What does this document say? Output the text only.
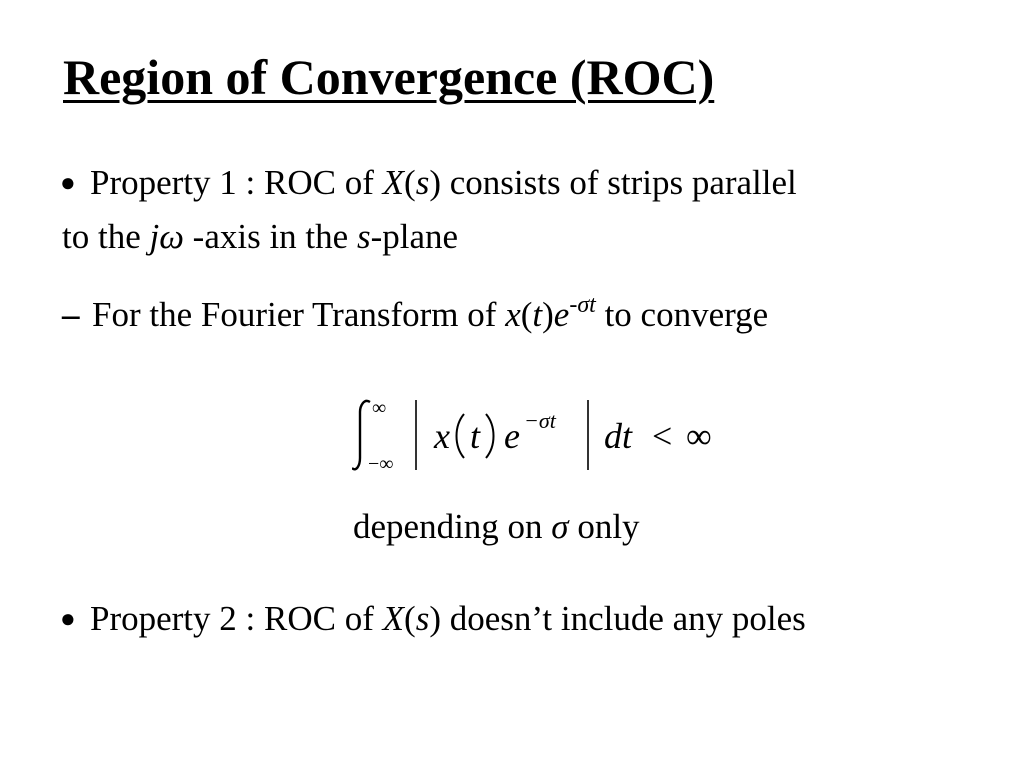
Region of Convergence (ROC)
● Property 1 : ROC of X(s) consists of strips parallel
to the jω -axis in the s-plane
– For the Fourier Transform of $x(t)e^{-\sigma t}$ to converge
∞
−∞
x t e −σt dt < ∞
depending on σ only
● Property 2 : ROC of X(s) doesn’t include any poles
